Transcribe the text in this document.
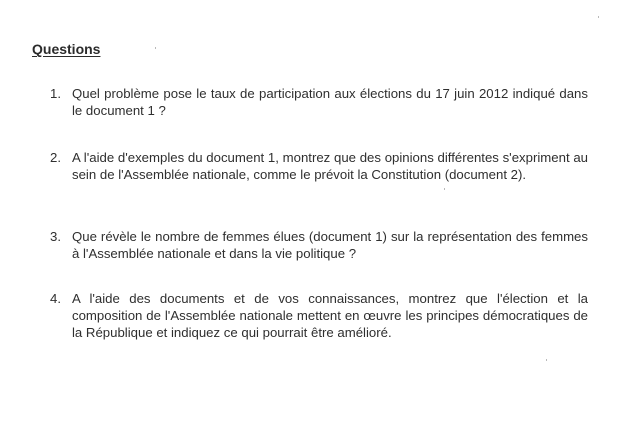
Questions
1. Quel problème pose le taux de participation aux élections du 17 juin 2012 indiqué dans le document 1 ?
2. A l'aide d'exemples du document 1, montrez que des opinions différentes s'expriment au sein de l'Assemblée nationale, comme le prévoit la Constitution (document 2).
3. Que révèle le nombre de femmes élues (document 1) sur la représentation des femmes à l'Assemblée nationale et dans la vie politique ?
4. A l'aide des documents et de vos connaissances, montrez que l'élection et la composition de l'Assemblée nationale mettent en œuvre les principes démocratiques de la République et indiquez ce qui pourrait être amélioré.
